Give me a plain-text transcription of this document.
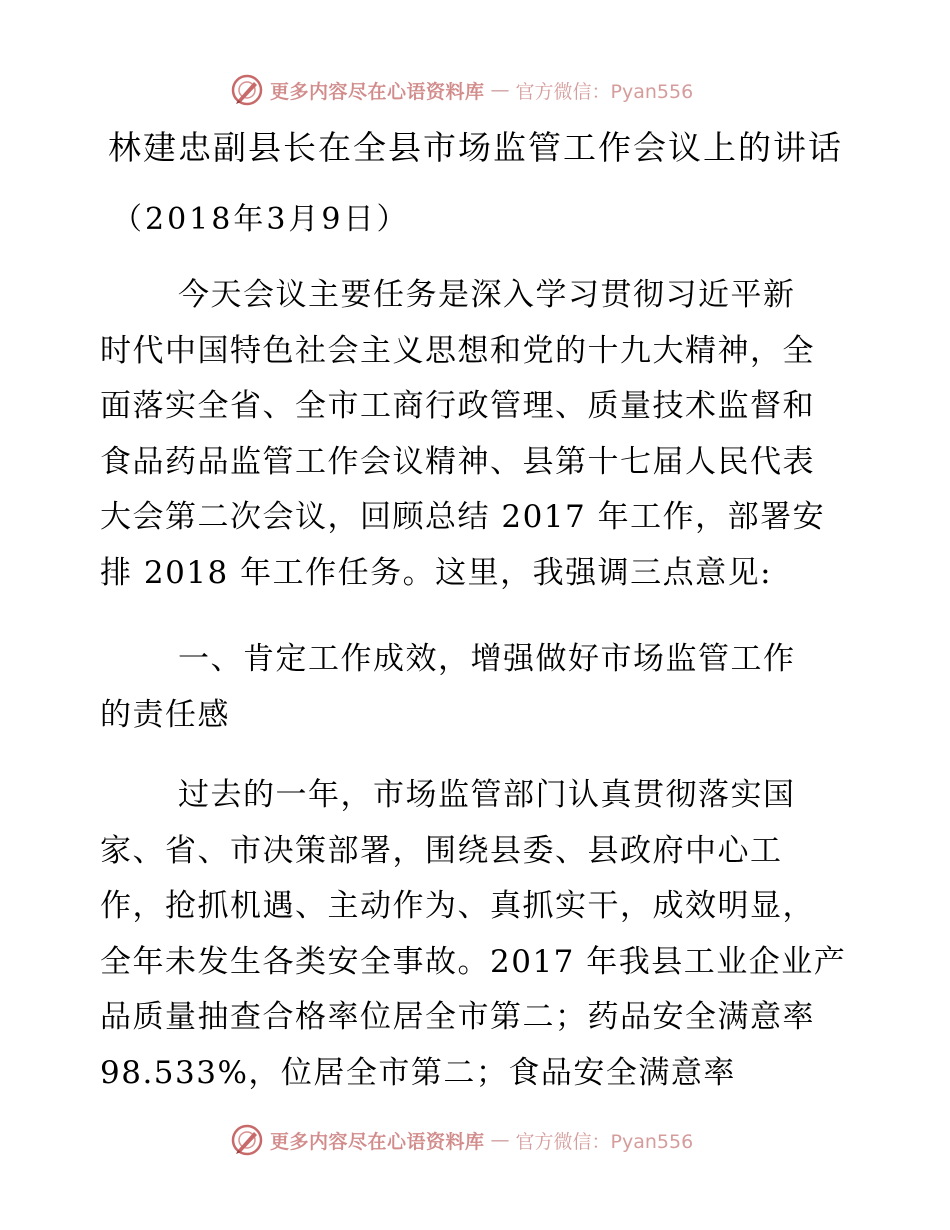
更多内容尽在心语资料库 — 官方微信：Pyan556
林建忠副县长在全县市场监管工作会议上的讲话
（2018年3月9日）
今天会议主要任务是深入学习贯彻习近平新
时代中国特色社会主义思想和党的十九大精神，全
面落实全省、全市工商行政管理、质量技术监督和
食品药品监管工作会议精神、县第十七届人民代表
大会第二次会议，回顾总结 2017 年工作，部署安
排 2018 年工作任务。这里，我强调三点意见:
一、肯定工作成效，增强做好市场监管工作
的责任感
过去的一年，市场监管部门认真贯彻落实国
家、省、市决策部署，围绕县委、县政府中心工
作，抢抓机遇、主动作为、真抓实干，成效明显，
全年未发生各类安全事故。2017 年我县工业企业产
品质量抽查合格率位居全市第二；药品安全满意率
98.533%，位居全市第二；食品安全满意率
更多内容尽在心语资料库 — 官方微信：Pyan556
